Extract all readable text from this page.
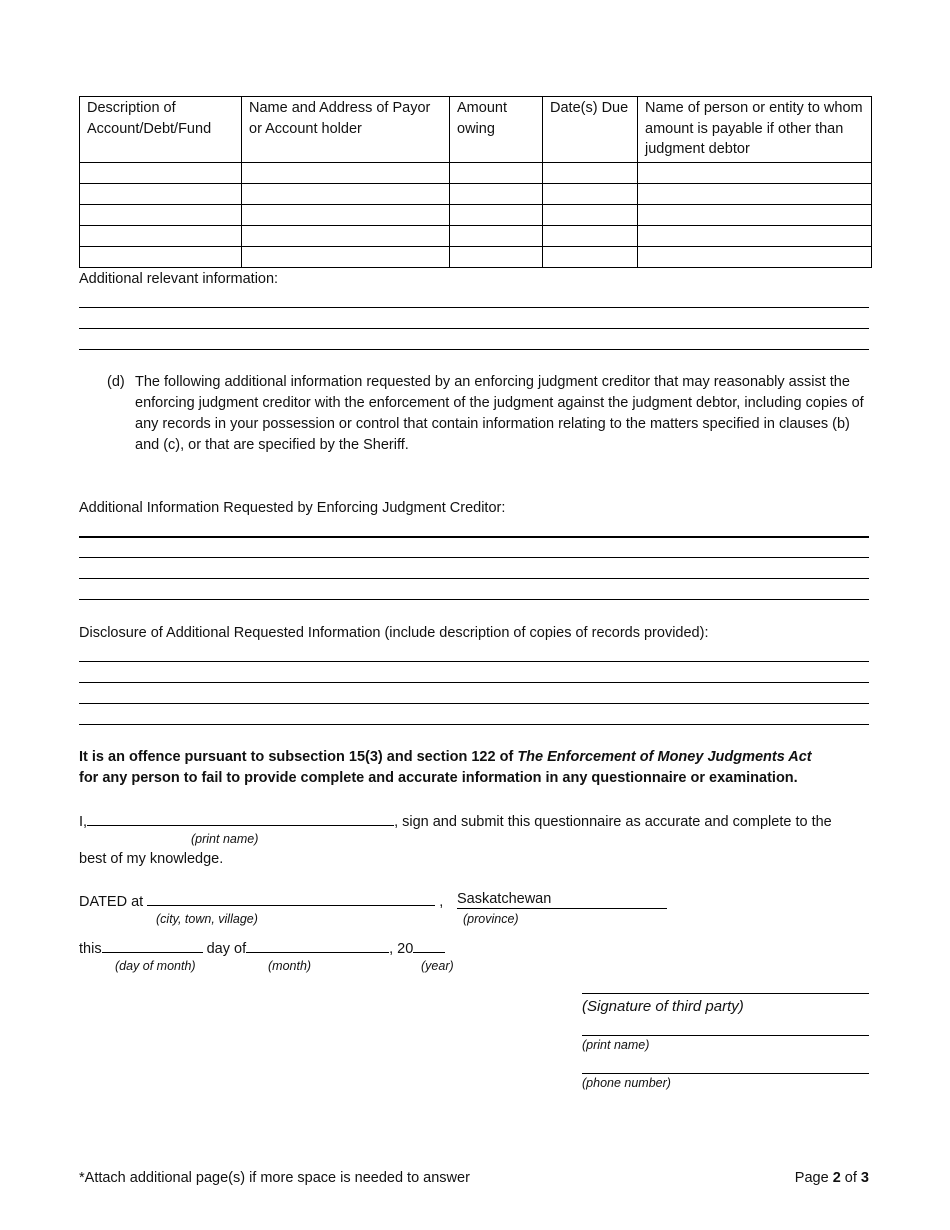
Description of Account/Debt/Fund	Name and Address of Payor or Account holder	Amount owing	Date(s) Due	Name of person or entity to whom amount is payable if other than judgment debtor

Additional relevant information:
(d) The following additional information requested by an enforcing judgment creditor that may reasonably assist the enforcing judgment creditor with the enforcement of the judgment against the judgment debtor, including copies of any records in your possession or control that contain information relating to the matters specified in clauses (b) and (c), or that are specified by the Sheriff.
Additional Information Requested by Enforcing Judgment Creditor:
Disclosure of Additional Requested Information (include description of copies of records provided):
It is an offence pursuant to subsection 15(3) and section 122 of The Enforcement of Money Judgments Act
for any person to fail to provide complete and accurate information in any questionnaire or examination.
I,	, sign and submit this questionnaire as accurate and complete to the
(print name)
best of my knowledge.
DATED at	, Saskatchewan
(city, town, village)	(province)
this	day of	, 20
(day of month)	(month)	(year)
(Signature of third party)
(print name)
(phone number)
*Attach additional page(s) if more space is needed to answer	Page 2 of 3
